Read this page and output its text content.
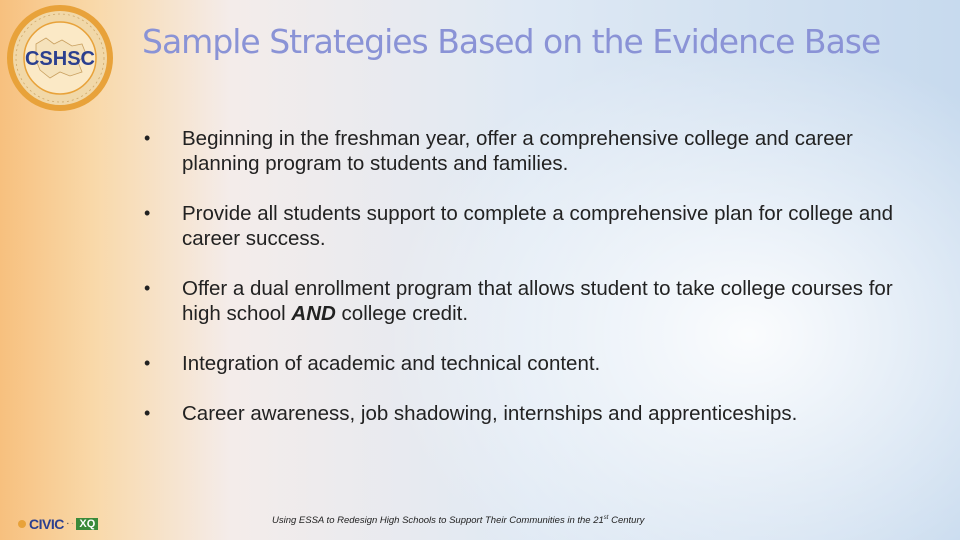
CSHSC Sample Strategies Based on the Evidence Base
• Beginning in the freshman year, offer a comprehensive college and career planning program to students and families.
• Provide all students support to complete a comprehensive plan for college and career success.
• Offer a dual enrollment program that allows student to take college courses for high school AND college credit.
• Integration of academic and technical content.
• Career awareness, job shadowing, internships and apprenticeships.
CIVIC ▪ ◦ XQ	Using ESSA to Redesign High Schools to Support Their Communities in the 21st Century
